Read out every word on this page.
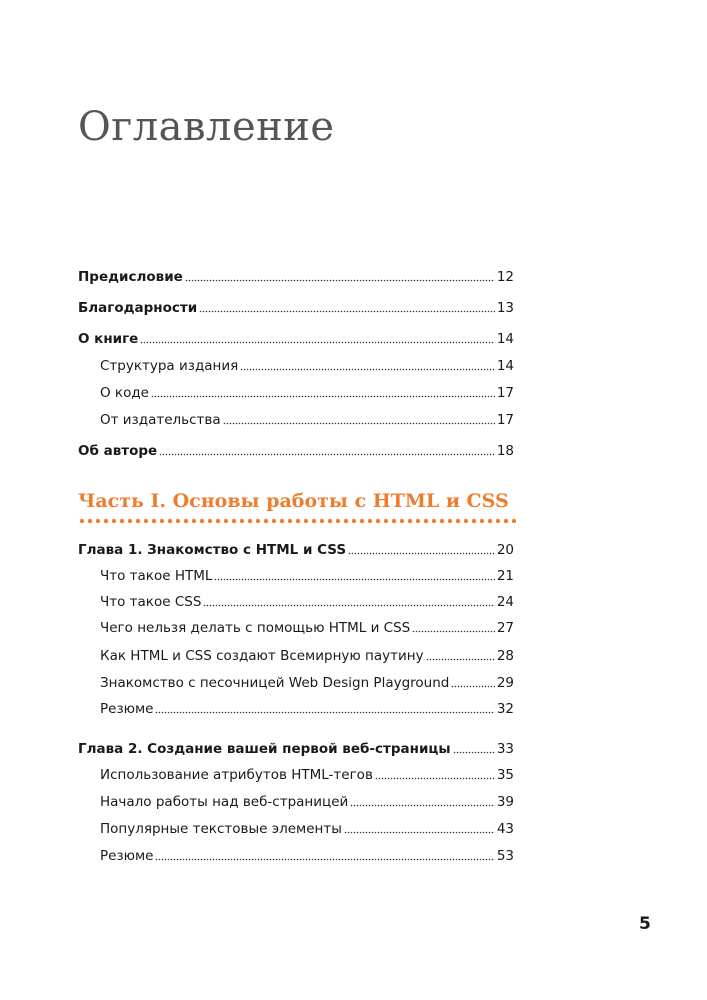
Оглавление
Предисловие	12
Благодарности	13
О книге	14
Структура издания	14
О коде	17
От издательства	17
Об авторе	18
Часть I. Основы работы с HTML и CSS
Глава 1. Знакомство с HTML и CSS	20
Что такое HTML	21
Что такое CSS	24
Чего нельзя делать с помощью HTML и CSS	27
Как HTML и CSS создают Всемирную паутину	28
Знакомство с песочницей Web Design Playground	29
Резюме	32
Глава 2. Создание вашей первой веб-страницы	33
Использование атрибутов HTML-тегов	35
Начало работы над веб-страницей	39
Популярные текстовые элементы	43
Резюме	53
5
